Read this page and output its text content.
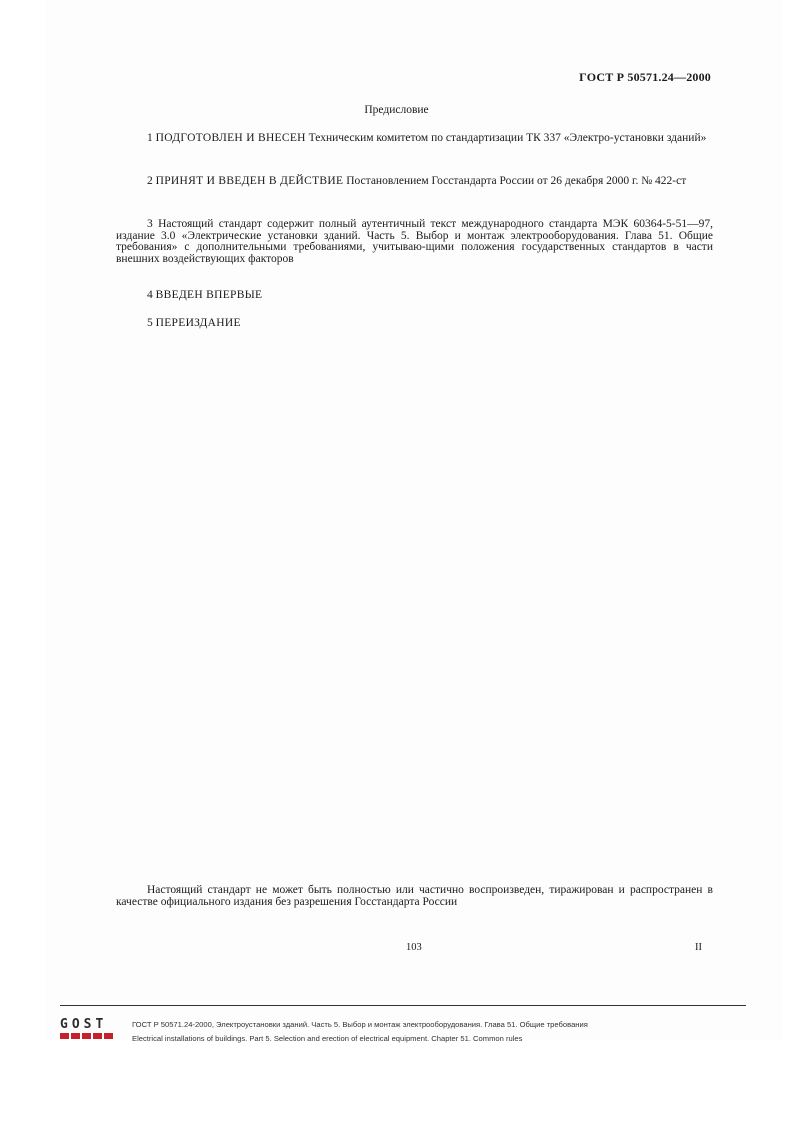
ГОСТ Р 50571.24—2000
Предисловие
1 ПОДГОТОВЛЕН И ВНЕСЕН Техническим комитетом по стандартизации ТК 337 «Электро-установки зданий»
2 ПРИНЯТ И ВВЕДЕН В ДЕЙСТВИЕ Постановлением Госстандарта России от 26 декабря 2000 г. № 422-ст
3 Настоящий стандарт содержит полный аутентичный текст международного стандарта МЭК 60364-5-51—97, издание 3.0 «Электрические установки зданий. Часть 5. Выбор и монтаж электрооборудования. Глава 51. Общие требования» с дополнительными требованиями, учитываю-щими положения государственных стандартов в части внешних воздействующих факторов
4 ВВЕДЕН ВПЕРВЫЕ
5 ПЕРЕИЗДАНИЕ
Настоящий стандарт не может быть полностью или частично воспроизведен, тиражирован и распространен в качестве официального издания без разрешения Госстандарта России
103	II
GOST	ГОСТ Р 50571.24-2000, Электроустановки зданий. Часть 5. Выбор и монтаж электрооборудования. Глава 51. Общие требования
Electrical installations of buildings. Part 5. Selection and erection of electrical equipment. Chapter 51. Common rules
